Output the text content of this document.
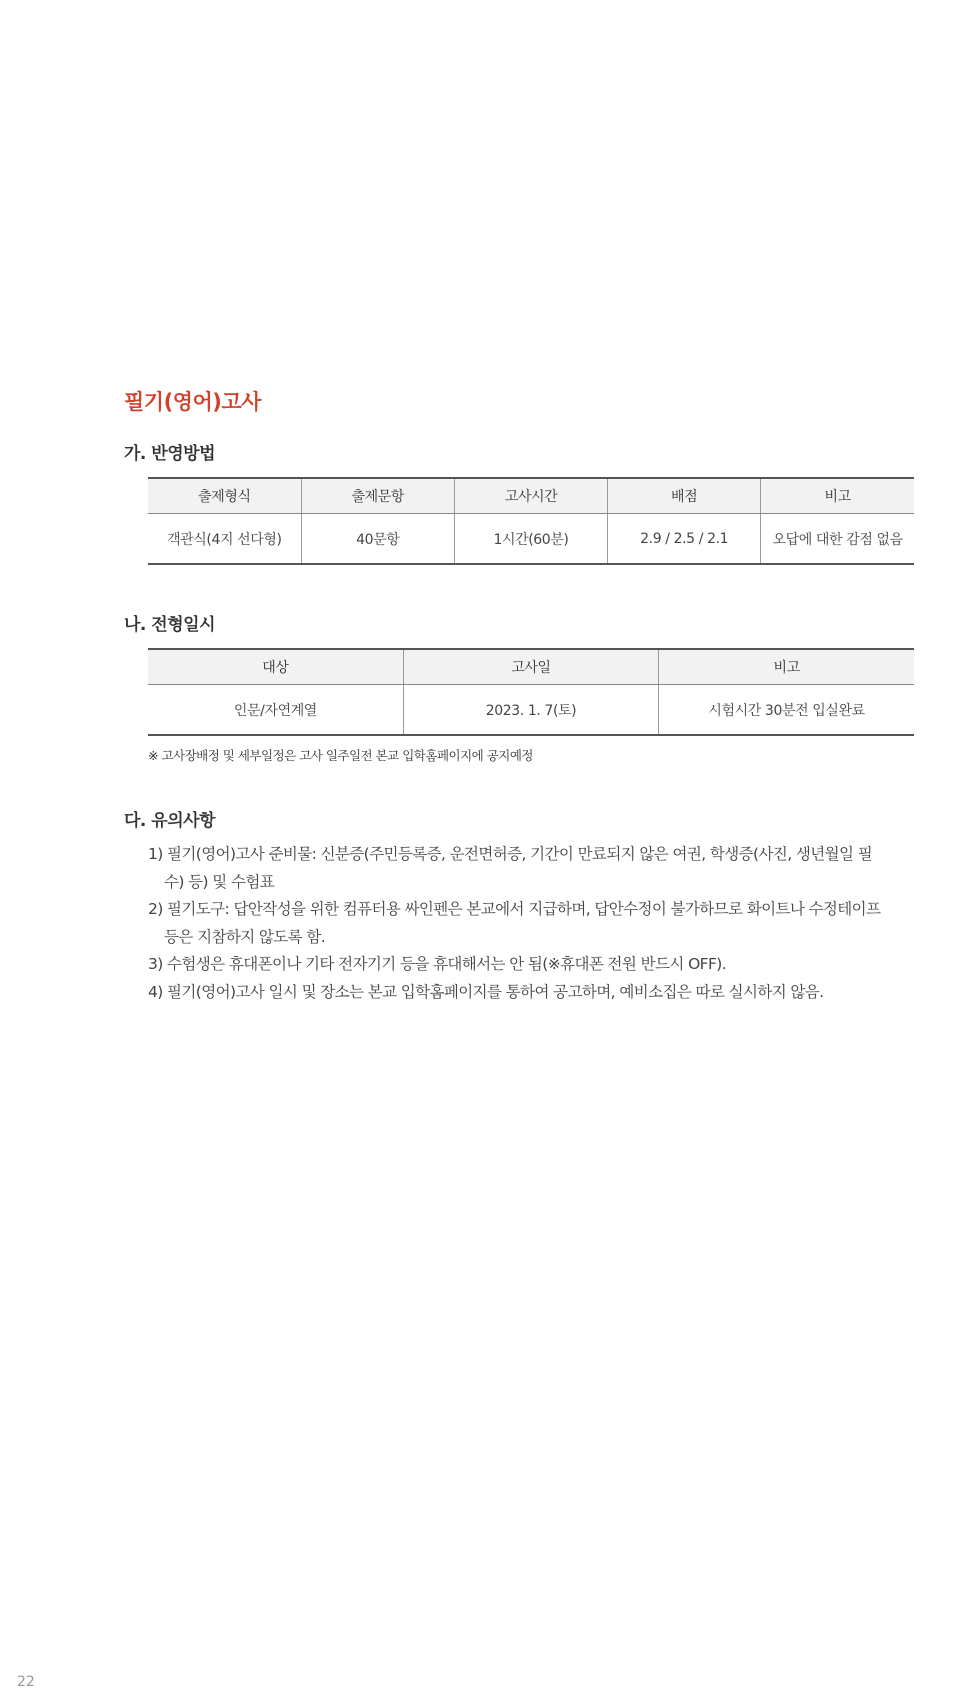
필기(영어)고사
가. 반영방법
출제형식	출제문항	고사시간	배점	비고
객관식(4지 선다형)	40문항	1시간(60분)	2.9 / 2.5 / 2.1	오답에 대한 감점 없음
나. 전형일시
대상	고사일	비고
인문/자연계열	2023. 1. 7(토)	시험시간 30분전 입실완료

※ 고사장배정 및 세부일정은 고사 일주일전 본교 입학홈페이지에 공지예정

다. 유의사항
1) 필기(영어)고사 준비물: 신분증(주민등록증, 운전면허증, 기간이 만료되지 않은 여권, 학생증(사진, 생년월일 필수) 등) 및 수험표
2) 필기도구: 답안작성을 위한 컴퓨터용 싸인펜은 본교에서 지급하며, 답안수정이 불가하므로 화이트나 수정테이프 등은 지참하지 않도록 함.
3) 수험생은 휴대폰이나 기타 전자기기 등을 휴대해서는 안 됨(※휴대폰 전원 반드시 OFF).
4) 필기(영어)고사 일시 및 장소는 본교 입학홈페이지를 통하여 공고하며, 예비소집은 따로 실시하지 않음.

22
